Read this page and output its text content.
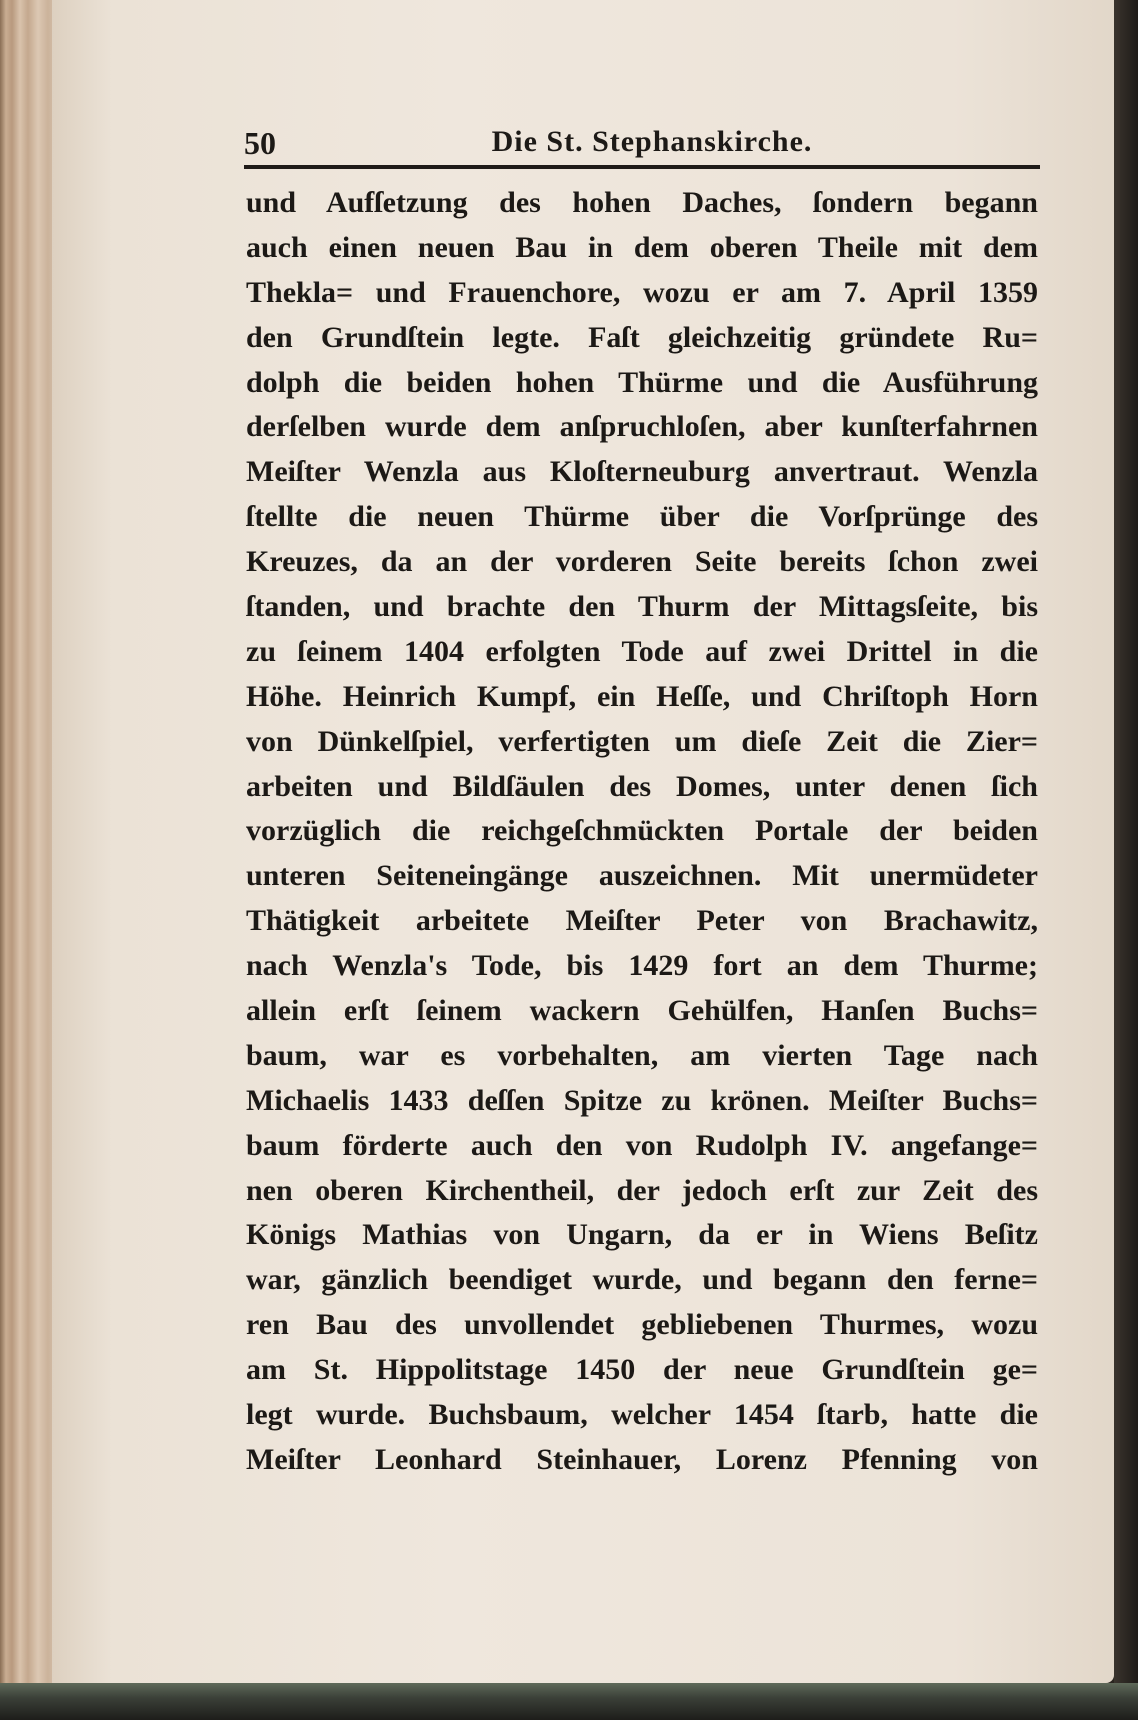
50	Die St. Stephanskirche.
und Aufſetzung des hohen Daches, ſondern begann
auch einen neuen Bau in dem oberen Theile mit dem
Thekla= und Frauenchore, wozu er am 7. April 1359
den Grundſtein legte. Faſt gleichzeitig gründete Ru=
dolph die beiden hohen Thürme und die Ausführung
derſelben wurde dem anſpruchloſen, aber kunſterfahrnen
Meiſter Wenzla aus Kloſterneuburg anvertraut. Wenzla
ſtellte die neuen Thürme über die Vorſprünge des
Kreuzes, da an der vorderen Seite bereits ſchon zwei
ſtanden, und brachte den Thurm der Mittagsſeite, bis
zu ſeinem 1404 erfolgten Tode auf zwei Drittel in die
Höhe. Heinrich Kumpf, ein Heſſe, und Chriſtoph Horn
von Dünkelſpiel, verfertigten um dieſe Zeit die Zier=
arbeiten und Bildſäulen des Domes, unter denen ſich
vorzüglich die reichgeſchmückten Portale der beiden
unteren Seiteneingänge auszeichnen. Mit unermüdeter
Thätigkeit arbeitete Meiſter Peter von Brachawitz,
nach Wenzla's Tode, bis 1429 fort an dem Thurme;
allein erſt ſeinem wackern Gehülfen, Hanſen Buchs=
baum, war es vorbehalten, am vierten Tage nach
Michaelis 1433 deſſen Spitze zu krönen. Meiſter Buchs=
baum förderte auch den von Rudolph IV. angefange=
nen oberen Kirchentheil, der jedoch erſt zur Zeit des
Königs Mathias von Ungarn, da er in Wiens Beſitz
war, gänzlich beendiget wurde, und begann den ferne=
ren Bau des unvollendet gebliebenen Thurmes, wozu
am St. Hippolitstage 1450 der neue Grundſtein ge=
legt wurde. Buchsbaum, welcher 1454 ſtarb, hatte die
Meiſter Leonhard Steinhauer, Lorenz Pfenning von
